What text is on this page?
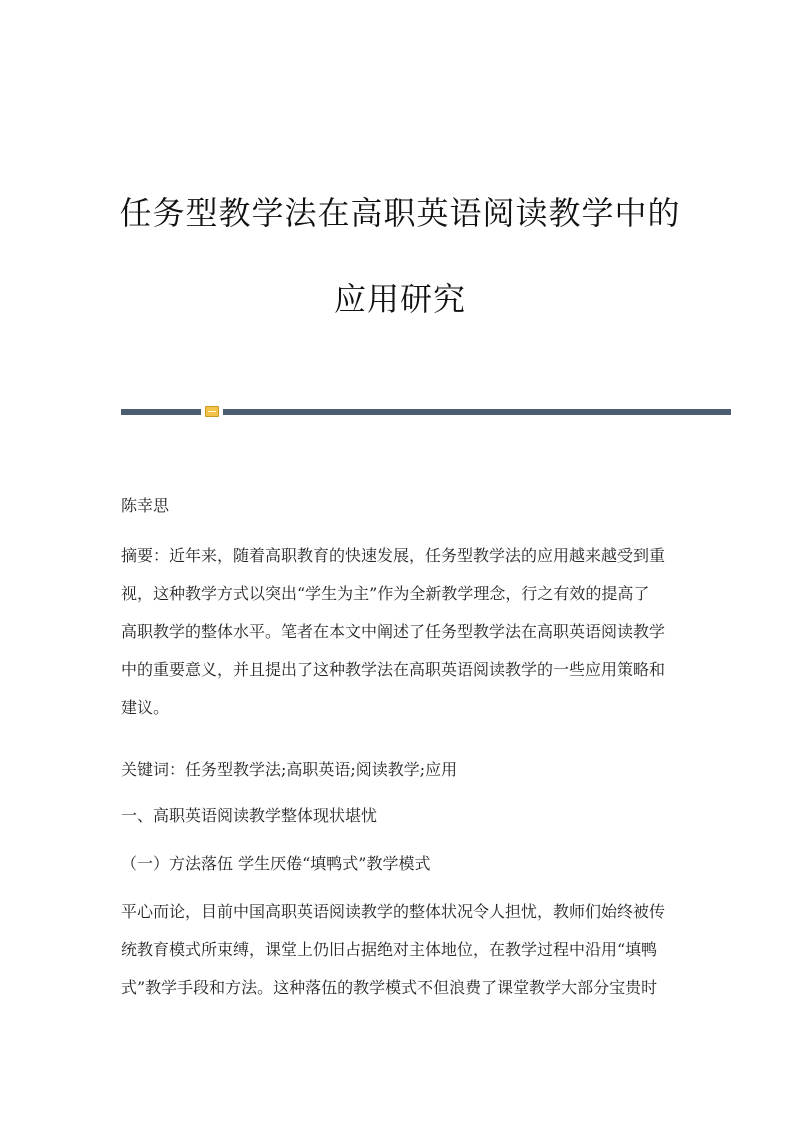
任务型教学法在高职英语阅读教学中的
应用研究
陈幸思

摘要：近年来，随着高职教育的快速发展，任务型教学法的应用越来越受到重

视，这种教学方式以突出“学生为主”作为全新教学理念，行之有效的提高了

高职教学的整体水平。笔者在本文中阐述了任务型教学法在高职英语阅读教学

中的重要意义，并且提出了这种教学法在高职英语阅读教学的一些应用策略和

建议。

关键词：任务型教学法;高职英语;阅读教学;应用
一、高职英语阅读教学整体现状堪忧
（一）方法落伍 学生厌倦“填鸭式”教学模式

平心而论，目前中国高职英语阅读教学的整体状况令人担忧，教师们始终被传

统教育模式所束缚，课堂上仍旧占据绝对主体地位，在教学过程中沿用“填鸭

式”教学手段和方法。这种落伍的教学模式不但浪费了课堂教学大部分宝贵时
